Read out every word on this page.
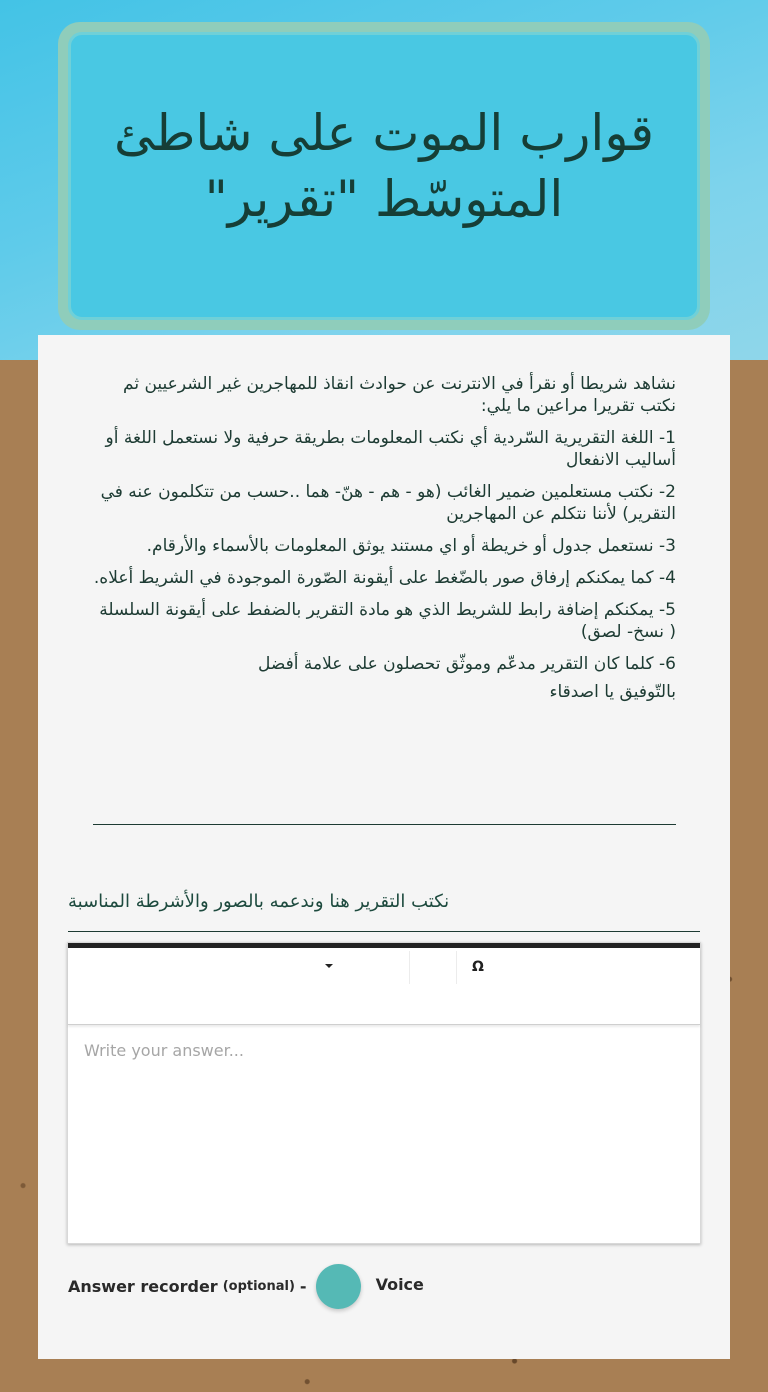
قوارب الموت على شاطئ المتوسّط "تقرير"

نشاهد شريطا أو نقرأ في الانترنت عن حوادث انقاذ للمهاجرين غير الشرعيين ثم نكتب تقريرا مراعين ما يلي:

1- اللغة التقريرية السّردية أي نكتب المعلومات بطريقة حرفية ولا نستعمل اللغة أو أساليب الانفعال

2- نكتب مستعلمين ضمير الغائب (هو - هم - هنّ- هما ..حسب من تتكلمون عنه في التقرير) لأننا نتكلم عن المهاجرين

3- نستعمل جدول أو خريطة أو اي مستند يوثق المعلومات بالأسماء والأرقام.

4- كما يمكنكم إرفاق صور بالضّغط على أيقونة الصّورة الموجودة في الشريط أعلاه.

5- يمكنكم إضافة رابط للشريط الذي هو مادة التقرير بالضفط على أيقونة السلسلة ( نسخ- لصق)

6- كلما كان التقرير مدعّم وموثّق تحصلون على علامة أفضل

بالتّوفيق يا اصدقاء

نكتب التقرير هنا وندعمه بالصور والأشرطة المناسبة
Ω
Write your answer...
Answer recorder (optional) -	Voice
